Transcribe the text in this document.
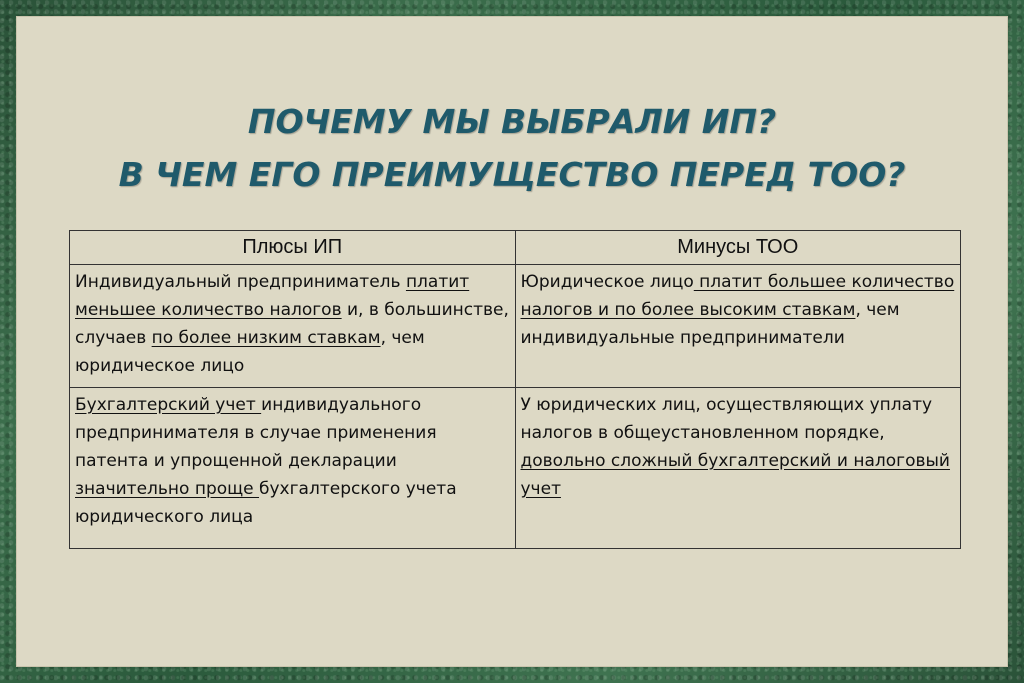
ПОЧЕМУ МЫ ВЫБРАЛИ ИП?
В ЧЕМ ЕГО ПРЕИМУЩЕСТВО ПЕРЕД ТОО?
Плюсы ИП	Минусы ТОО
Индивидуальный предприниматель платит меньшее количество налогов и, в большинстве, случаев по более низким ставкам, чем юридическое лицо	Юридическое лицо платит большее количество налогов и по более высоким ставкам, чем индивидуальные предприниматели
Бухгалтерский учет индивидуального предпринимателя в случае применения патента и упрощенной декларации значительно проще бухгалтерского учета юридического лица	У юридических лиц, осуществляющих уплату налогов в общеустановленном порядке, довольно сложный бухгалтерский и налоговый учет
